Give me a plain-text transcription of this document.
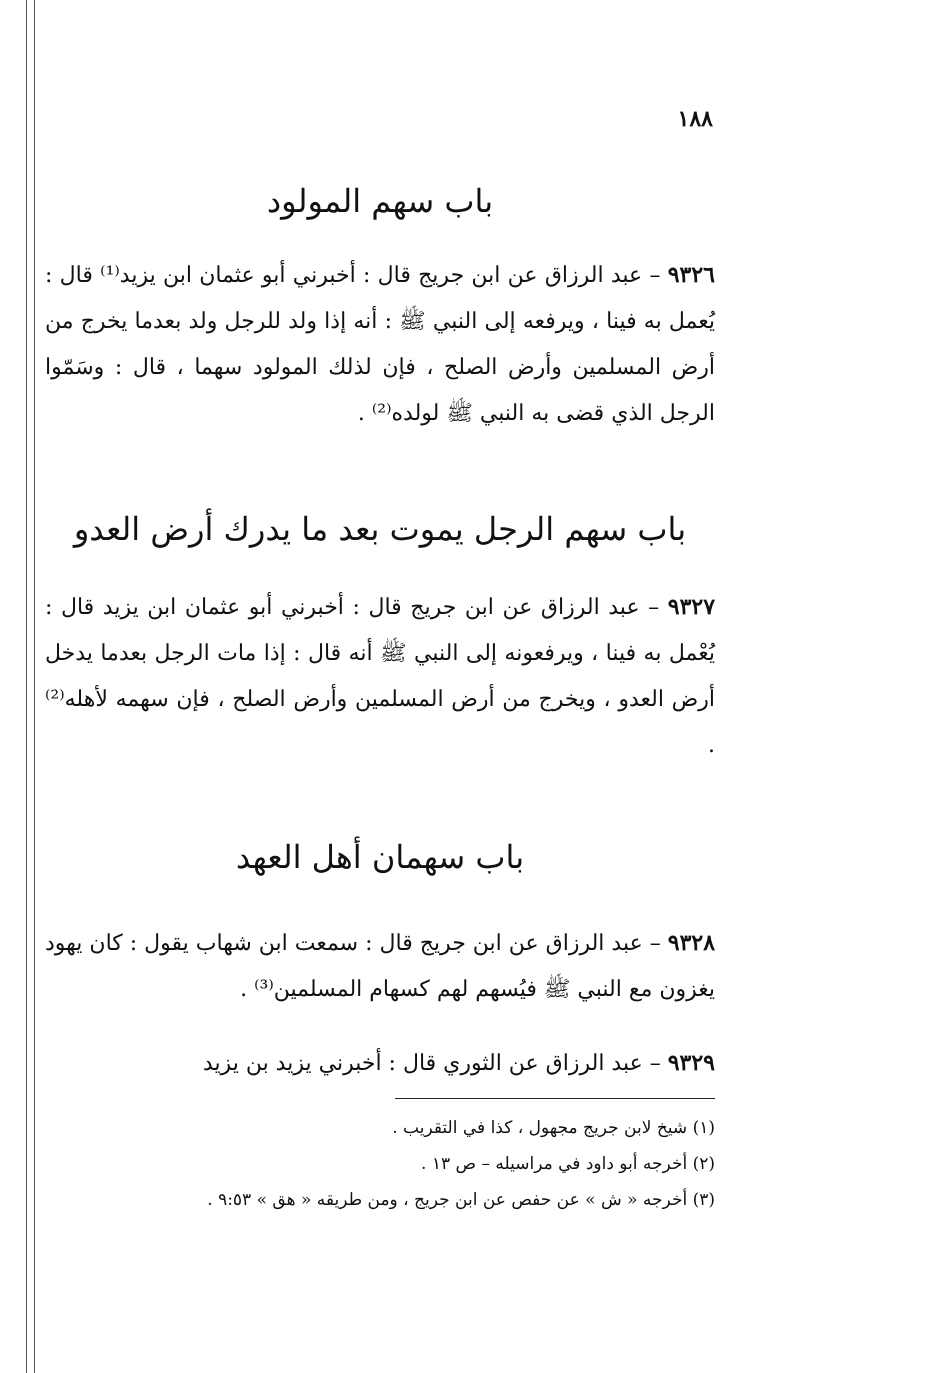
١٨٨
باب سهم المولود

٩٣٢٦ – عبد الرزاق عن ابن جريج قال : أخبرني أبو عثمان ابن يزيد⁽¹⁾ قال : يُعمل به فينا ، ويرفعه إلى النبي ﷺ : أنه إذا ولد للرجل ولد بعدما يخرج من أرض المسلمين وأرض الصلح ، فإن لذلك المولود سهما ، قال : وسَمّوا الرجل الذي قضى به النبي ﷺ لولده⁽²⁾ .

باب سهم الرجل يموت بعد ما يدرك أرض العدو

٩٣٢٧ – عبد الرزاق عن ابن جريج قال : أخبرني أبو عثمان ابن يزيد قال : يُعْمل به فينا ، ويرفعونه إلى النبي ﷺ أنه قال : إذا مات الرجل بعدما يدخل أرض العدو ، ويخرج من أرض المسلمين وأرض الصلح ، فإن سهمه لأهله⁽²⁾ .

باب سهمان أهل العهد

٩٣٢٨ – عبد الرزاق عن ابن جريج قال : سمعت ابن شهاب يقول : كان يهود يغزون مع النبي ﷺ فيُسهم لهم كسهام المسلمين⁽³⁾ .

٩٣٢٩ – عبد الرزاق عن الثوري قال : أخبرني يزيد بن يزيد

(١) شيخ لابن جريج مجهول ، كذا في التقريب .

(٢) أخرجه أبو داود في مراسيله – ص ١٣ .

(٣) أخرجه « ش » عن حفص عن ابن جريج ، ومن طريقه « هق » ٩:٥٣ .
